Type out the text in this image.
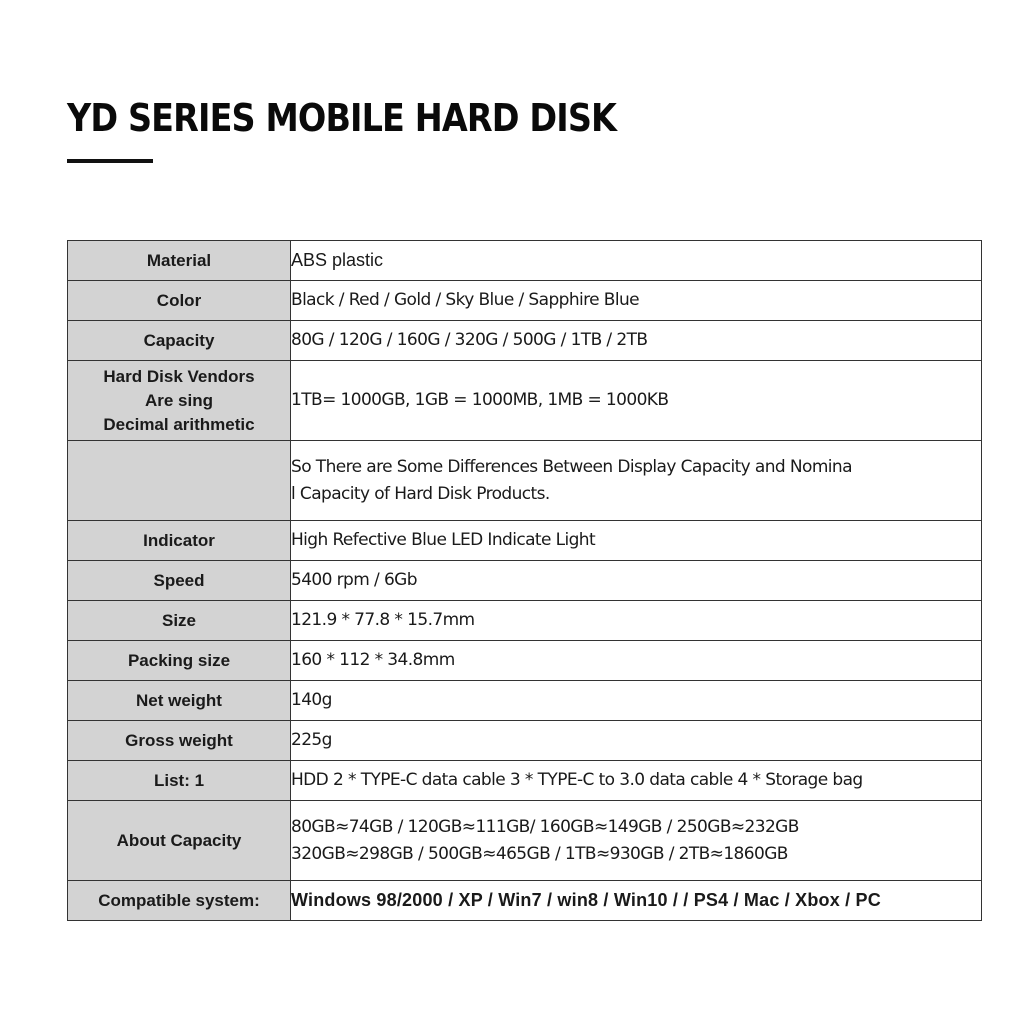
YD SERIES MOBILE HARD DISK
Material	ABS plastic
Color	Black / Red / Gold / Sky Blue / Sapphire Blue
Capacity	80G / 120G / 160G / 320G / 500G / 1TB / 2TB

Hard Disk Vendors
Are sing
Decimal arithmetic	1TB= 1000GB, 1GB = 1000MB, 1MB = 1000KB

	So There are Some Differences Between Display Capacity and Nomina
l Capacity of Hard Disk Products.

Indicator	High Refective Blue LED Indicate Light
Speed	5400 rpm / 6Gb
Size	121.9 * 77.8 * 15.7mm
Packing size	160 * 112 * 34.8mm
Net weight	140g
Gross weight	225g
List: 1	HDD 2 * TYPE-C data cable 3 * TYPE-C to 3.0 data cable 4 * Storage bag
About Capacity	80GB≈74GB / 120GB≈111GB/ 160GB≈149GB / 250GB≈232GB
320GB≈298GB / 500GB≈465GB / 1TB≈930GB / 2TB≈1860GB

Compatible system:	Windows 98/2000 / XP / Win7 / win8 / Win10 / / PS4 / Mac / Xbox / PC
